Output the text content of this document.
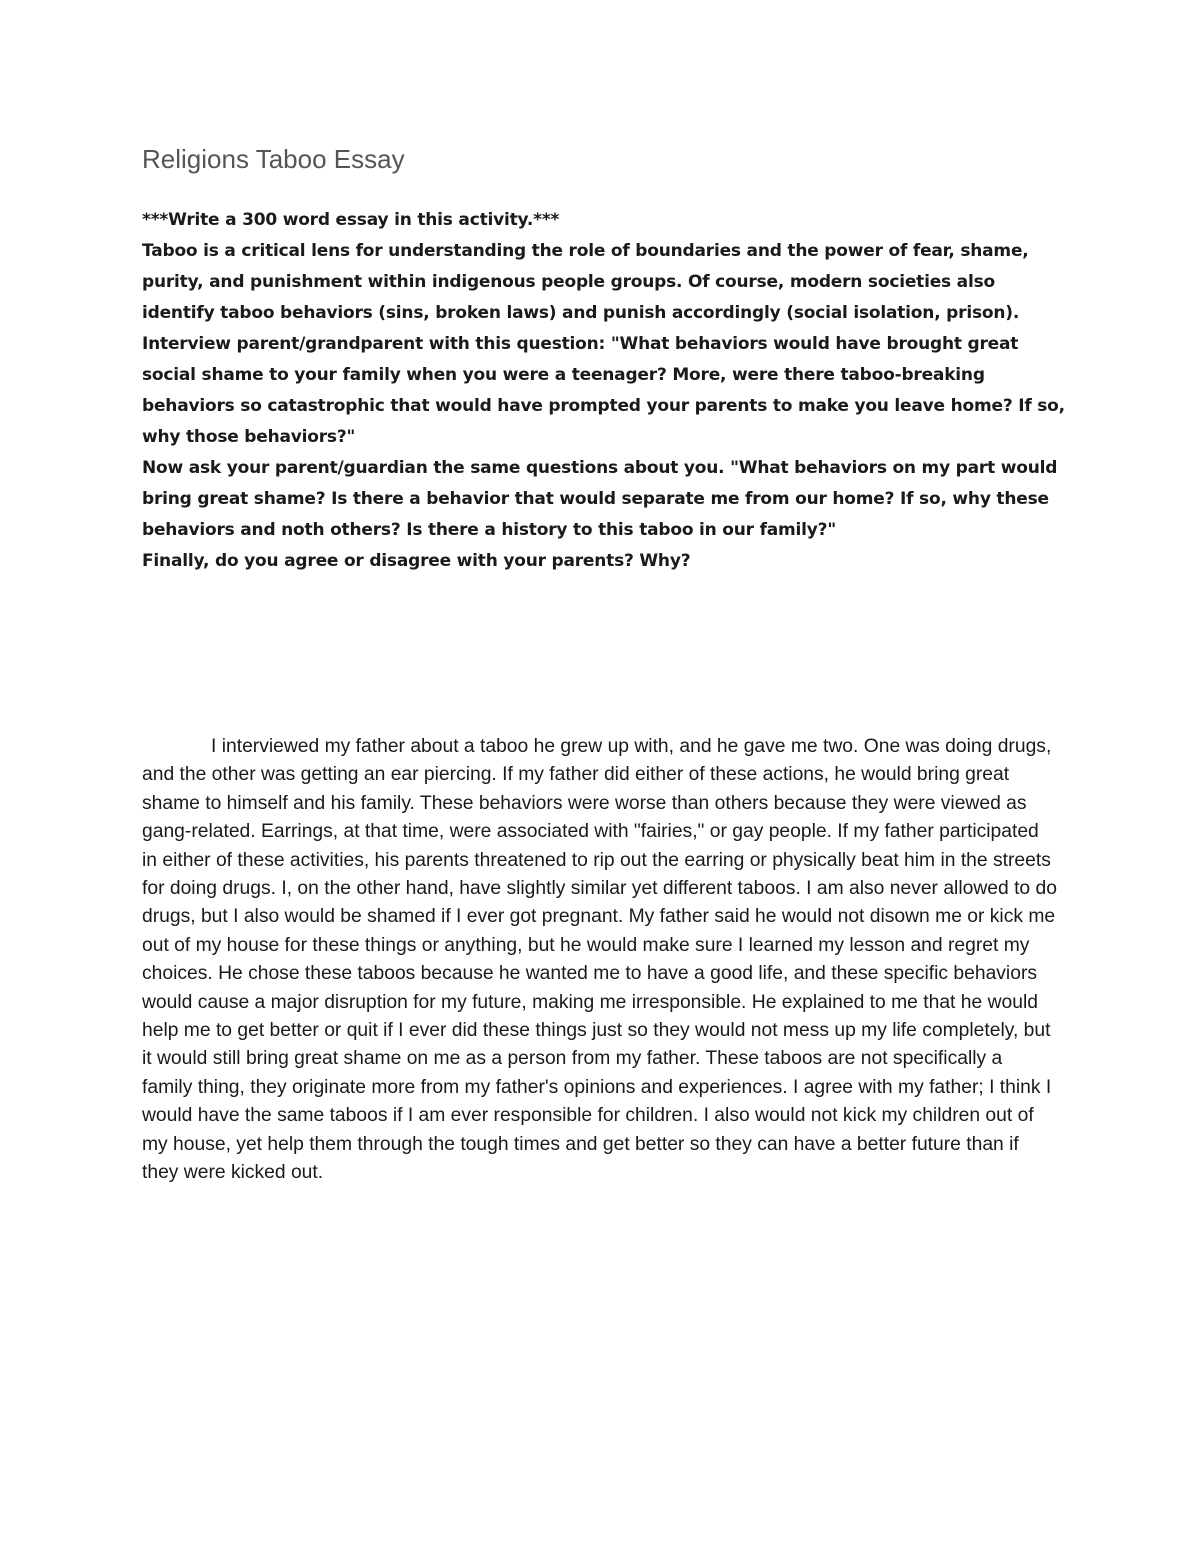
Religions Taboo Essay

***Write a 300 word essay in this activity.***

Taboo is a critical lens for understanding the role of boundaries and the power of fear, shame, purity, and punishment within indigenous people groups. Of course, modern societies also identify taboo behaviors (sins, broken laws) and punish accordingly (social isolation, prison).

Interview parent/grandparent with this question: "What behaviors would have brought great social shame to your family when you were a teenager? More, were there taboo-breaking behaviors so catastrophic that would have prompted your parents to make you leave home? If so, why those behaviors?"

Now ask your parent/guardian the same questions about you. "What behaviors on my part would bring great shame? Is there a behavior that would separate me from our home? If so, why these behaviors and noth others? Is there a history to this taboo in our family?"

Finally, do you agree or disagree with your parents? Why?

I interviewed my father about a taboo he grew up with, and he gave me two. One was doing drugs, and the other was getting an ear piercing. If my father did either of these actions, he would bring great shame to himself and his family. These behaviors were worse than others because they were viewed as gang-related. Earrings, at that time, were associated with "fairies," or gay people. If my father participated in either of these activities, his parents threatened to rip out the earring or physically beat him in the streets for doing drugs. I, on the other hand, have slightly similar yet different taboos. I am also never allowed to do drugs, but I also would be shamed if I ever got pregnant. My father said he would not disown me or kick me out of my house for these things or anything, but he would make sure I learned my lesson and regret my choices. He chose these taboos because he wanted me to have a good life, and these specific behaviors would cause a major disruption for my future, making me irresponsible. He explained to me that he would help me to get better or quit if I ever did these things just so they would not mess up my life completely, but it would still bring great shame on me as a person from my father. These taboos are not specifically a family thing, they originate more from my father's opinions and experiences. I agree with my father; I think I would have the same taboos if I am ever responsible for children. I also would not kick my children out of my house, yet help them through the tough times and get better so they can have a better future than if they were kicked out.
